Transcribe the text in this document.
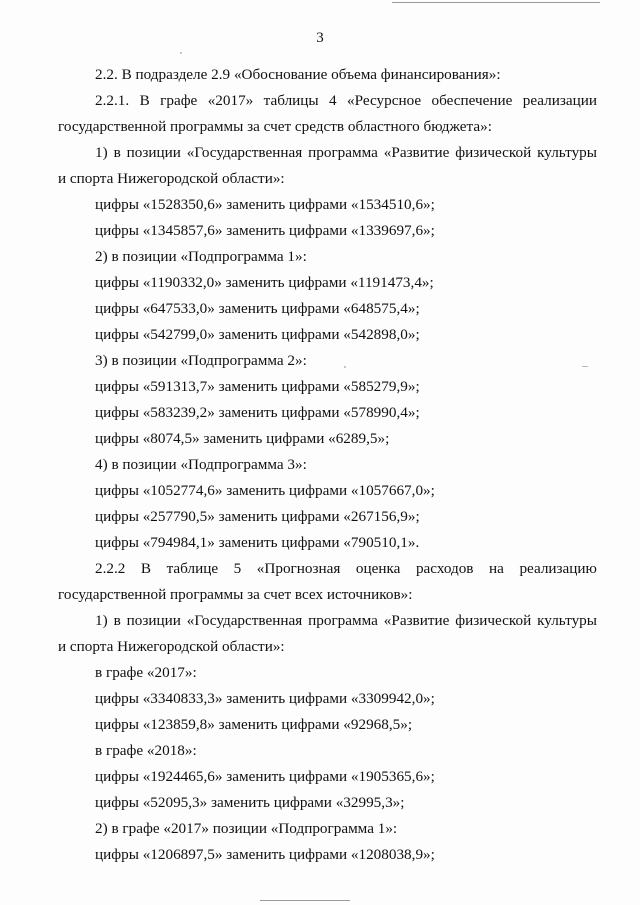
3
2.2. В подразделе 2.9 «Обоснование объема финансирования»:
2.2.1. В графе «2017» таблицы 4 «Ресурсное обеспечение реализации
государственной программы за счет средств областного бюджета»:
1) в позиции «Государственная программа «Развитие физической культуры
и спорта Нижегородской области»:
цифры «1528350,6» заменить цифрами «1534510,6»;
цифры «1345857,6» заменить цифрами «1339697,6»;
2) в позиции «Подпрограмма 1»:
цифры «1190332,0» заменить цифрами «1191473,4»;
цифры «647533,0» заменить цифрами «648575,4»;
цифры «542799,0» заменить цифрами «542898,0»;
3) в позиции «Подпрограмма 2»:
цифры «591313,7» заменить цифрами «585279,9»;
цифры «583239,2» заменить цифрами «578990,4»;
цифры «8074,5» заменить цифрами «6289,5»;
4) в позиции «Подпрограмма 3»:
цифры «1052774,6» заменить цифрами «1057667,0»;
цифры «257790,5» заменить цифрами «267156,9»;
цифры «794984,1» заменить цифрами «790510,1».
2.2.2 В таблице 5 «Прогнозная оценка расходов на реализацию
государственной программы за счет всех источников»:
1) в позиции «Государственная программа «Развитие физической культуры
и спорта Нижегородской области»:
в графе «2017»:
цифры «3340833,3» заменить цифрами «3309942,0»;
цифры «123859,8» заменить цифрами «92968,5»;
в графе «2018»:
цифры «1924465,6» заменить цифрами «1905365,6»;
цифры «52095,3» заменить цифрами «32995,3»;
2) в графе «2017» позиции «Подпрограмма 1»:
цифры «1206897,5» заменить цифрами «1208038,9»;
